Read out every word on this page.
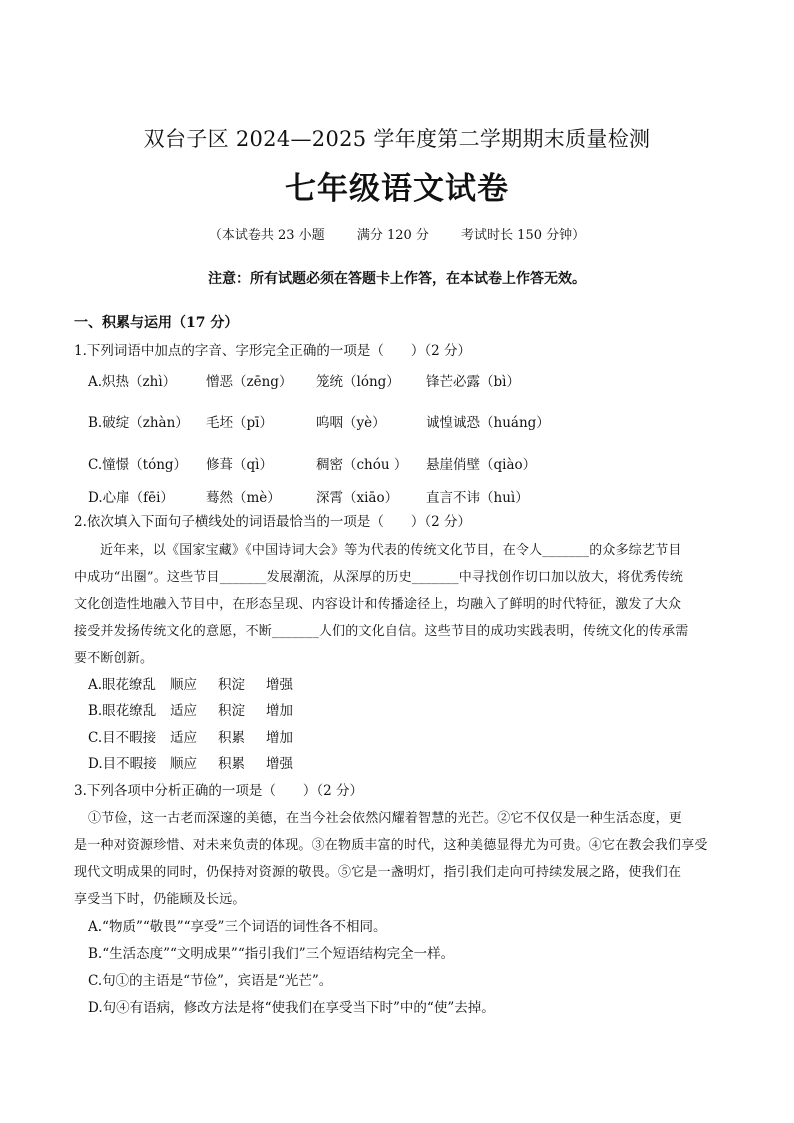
双台子区 2024—2025 学年度第二学期期末质量检测
七年级语文试卷
（本试卷共 23 小题 满分 120 分 考试时长 150 分钟）
注意：所有试题必须在答题卡上作答，在本试卷上作答无效。
一、积累与运用（17 分）
1.下列词语中加点的字音、字形完全正确的一项是（　　）（2 分）
A.炽热（zhì） 憎恶（zēng） 笼统（lóng） 锋芒必露（bì）
B.破绽（zhàn） 毛坯（pī）	呜咽（yè）	诚惶诚恐（huáng）
C.憧憬（tóng） 修葺（qì）	稠密（chóu ） 悬崖俏壁（qiào）
D.心扉（fēi） 蓦然（mè）	深霄（xiāo） 直言不讳（huì）
2.依次填入下面句子横线处的词语最恰当的一项是（　　）（2 分）

近年来，以《国家宝藏》《中国诗词大会》等为代表的传统文化节目，在令人_______的众多综艺节目

中成功“出圈”。这些节目_______发展潮流，从深厚的历史_______中寻找创作切口加以放大，将优秀传统

文化创造性地融入节目中，在形态呈现、内容设计和传播途径上，均融入了鲜明的时代特征，激发了大众

接受并发扬传统文化的意愿，不断_______人们的文化自信。这些节目的成功实践表明，传统文化的传承需

要不断创新。

A.眼花缭乱 顺应 积淀 增强
B.眼花缭乱 适应 积淀 增加
C.目不暇接 适应 积累 增加
D.目不暇接 顺应 积累 增强
3.下列各项中分析正确的一项是（　　）（2 分）

①节俭，这一古老而深邃的美德，在当今社会依然闪耀着智慧的光芒。②它不仅仅是一种生活态度，更

是一种对资源珍惜、对未来负责的体现。③在物质丰富的时代，这种美德显得尤为可贵。④它在教会我们享受

现代文明成果的同时，仍保持对资源的敬畏。⑤它是一盏明灯，指引我们走向可持续发展之路，使我们在

享受当下时，仍能顾及长远。

A.“物质”“敬畏”“享受”三个词语的词性各不相同。
B.“生活态度”“文明成果”“指引我们”三个短语结构完全一样。
C.句①的主语是“节俭”，宾语是“光芒”。
D.句④有语病，修改方法是将“使我们在享受当下时”中的“使”去掉。
